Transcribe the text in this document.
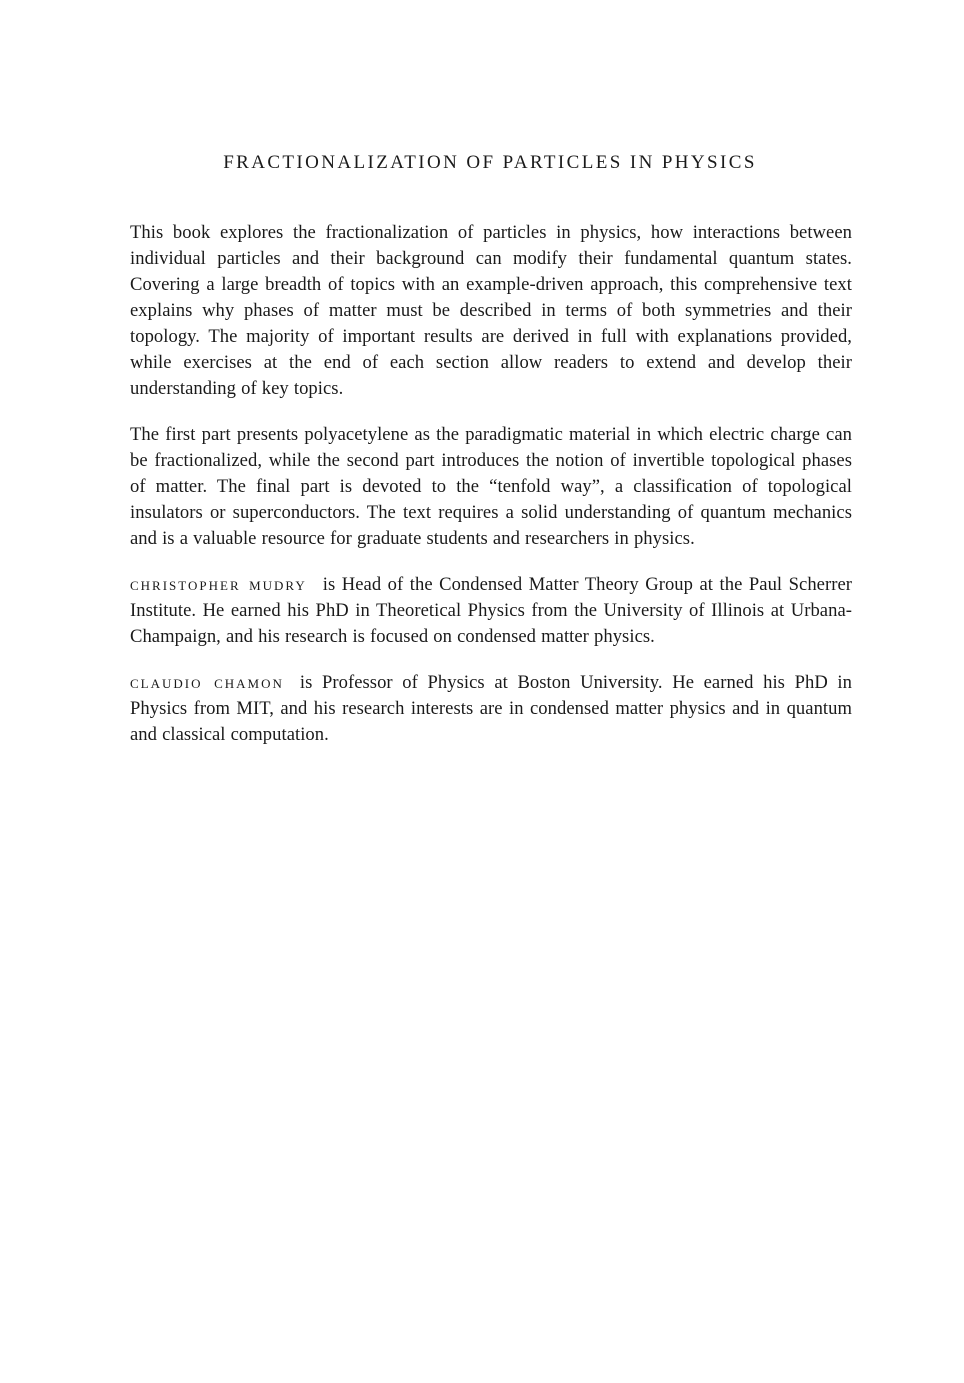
FRACTIONALIZATION OF PARTICLES IN PHYSICS

This book explores the fractionalization of particles in physics, how interactions between individual particles and their background can modify their fundamental quantum states. Covering a large breadth of topics with an example-driven approach, this comprehensive text explains why phases of matter must be described in terms of both symmetries and their topology. The majority of important results are derived in full with explanations provided, while exercises at the end of each section allow readers to extend and develop their understanding of key topics.

The first part presents polyacetylene as the paradigmatic material in which electric charge can be fractionalized, while the second part introduces the notion of invertible topological phases of matter. The final part is devoted to the “tenfold way”, a classification of topological insulators or superconductors. The text requires a solid understanding of quantum mechanics and is a valuable resource for graduate students and researchers in physics.

christopher mudry is Head of the Condensed Matter Theory Group at the Paul Scherrer Institute. He earned his PhD in Theoretical Physics from the University of Illinois at Urbana-Champaign, and his research is focused on condensed matter physics.

claudio chamon is Professor of Physics at Boston University. He earned his PhD in Physics from MIT, and his research interests are in condensed matter physics and in quantum and classical computation.
